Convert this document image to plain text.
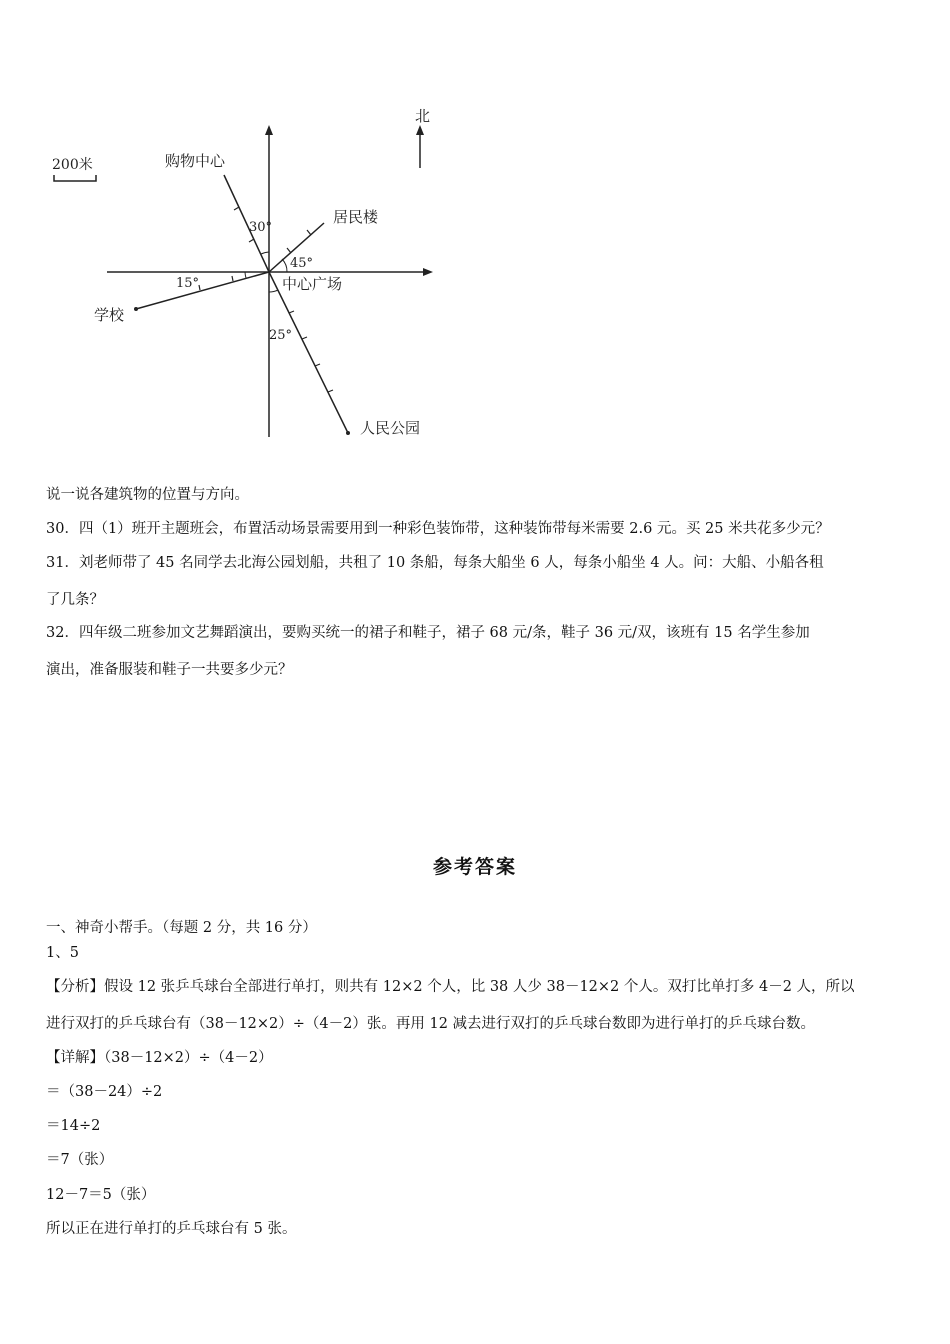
北
200米	购物中心
30°
居民楼
45°
学校
15°
人民公园
25°
中心广场
说一说各建筑物的位置与方向。
30．四（1）班开主题班会，布置活动场景需要用到一种彩色装饰带，这种装饰带每米需要 2.6 元。买 25 米共花多少元？
31．刘老师带了 45 名同学去北海公园划船，共租了 10 条船，每条大船坐 6 人，每条小船坐 4 人。问：大船、小船各租
了几条？
32．四年级二班参加文艺舞蹈演出，要购买统一的裙子和鞋子，裙子 68 元/条，鞋子 36 元/双，该班有 15 名学生参加
演出，准备服装和鞋子一共要多少元？
参考答案
一、神奇小帮手。（每题 2 分，共 16 分）
1、5
【分析】假设 12 张乒乓球台全部进行单打，则共有 12×2 个人，比 38 人少 38－12×2 个人。双打比单打多 4－2 人，所以
进行双打的乒乓球台有（38－12×2）÷（4－2）张。再用 12 减去进行双打的乒乓球台数即为进行单打的乒乓球台数。
【详解】（38－12×2）÷（4－2）
＝（38－24）÷2
＝14÷2
＝7（张）
12－7＝5（张）
所以正在进行单打的乒乓球台有 5 张。
